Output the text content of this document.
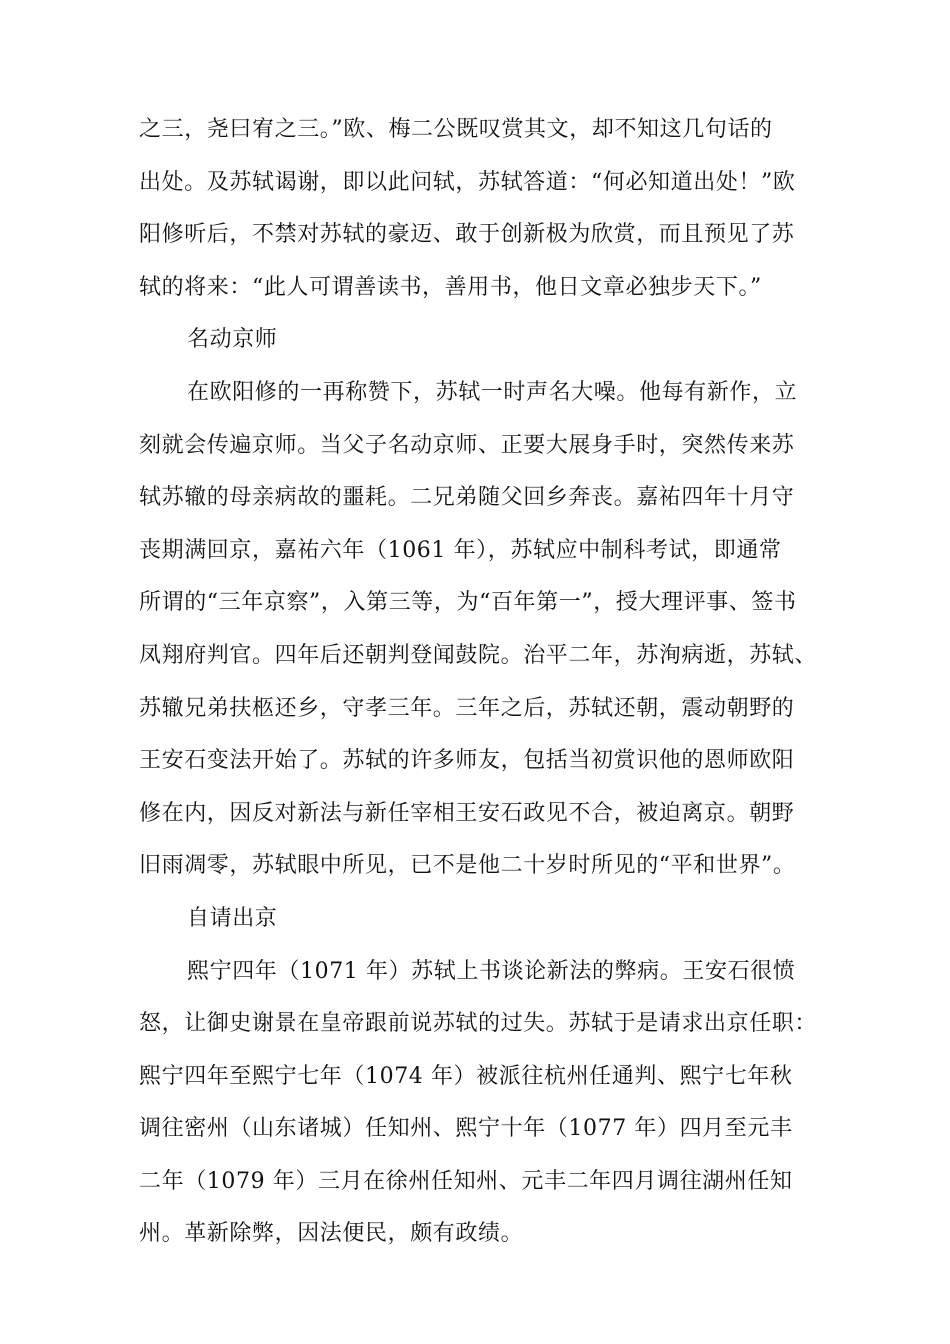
之三，尧曰宥之三。”欧、梅二公既叹赏其文，却不知这几句话的
出处。及苏轼谒谢，即以此问轼，苏轼答道：“何必知道出处！”欧
阳修听后，不禁对苏轼的豪迈、敢于创新极为欣赏，而且预见了苏
轼的将来：“此人可谓善读书，善用书，他日文章必独步天下。”
名动京师
在欧阳修的一再称赞下，苏轼一时声名大噪。他每有新作，立
刻就会传遍京师。当父子名动京师、正要大展身手时，突然传来苏
轼苏辙的母亲病故的噩耗。二兄弟随父回乡奔丧。嘉祐四年十月守
丧期满回京，嘉祐六年（1061 年），苏轼应中制科考试，即通常
所谓的“三年京察”，入第三等，为“百年第一”，授大理评事、签书
凤翔府判官。四年后还朝判登闻鼓院。治平二年，苏洵病逝，苏轼、
苏辙兄弟扶柩还乡，守孝三年。三年之后，苏轼还朝，震动朝野的
王安石变法开始了。苏轼的许多师友，包括当初赏识他的恩师欧阳
修在内，因反对新法与新任宰相王安石政见不合，被迫离京。朝野
旧雨凋零，苏轼眼中所见，已不是他二十岁时所见的“平和世界”。
自请出京
熙宁四年（1071 年）苏轼上书谈论新法的弊病。王安石很愤
怒，让御史谢景在皇帝跟前说苏轼的过失。苏轼于是请求出京任职：
熙宁四年至熙宁七年（1074 年）被派往杭州任通判、熙宁七年秋
调往密州（山东诸城）任知州、熙宁十年（1077 年）四月至元丰
二年（1079 年）三月在徐州任知州、元丰二年四月调往湖州任知
州。革新除弊，因法便民，颇有政绩。
